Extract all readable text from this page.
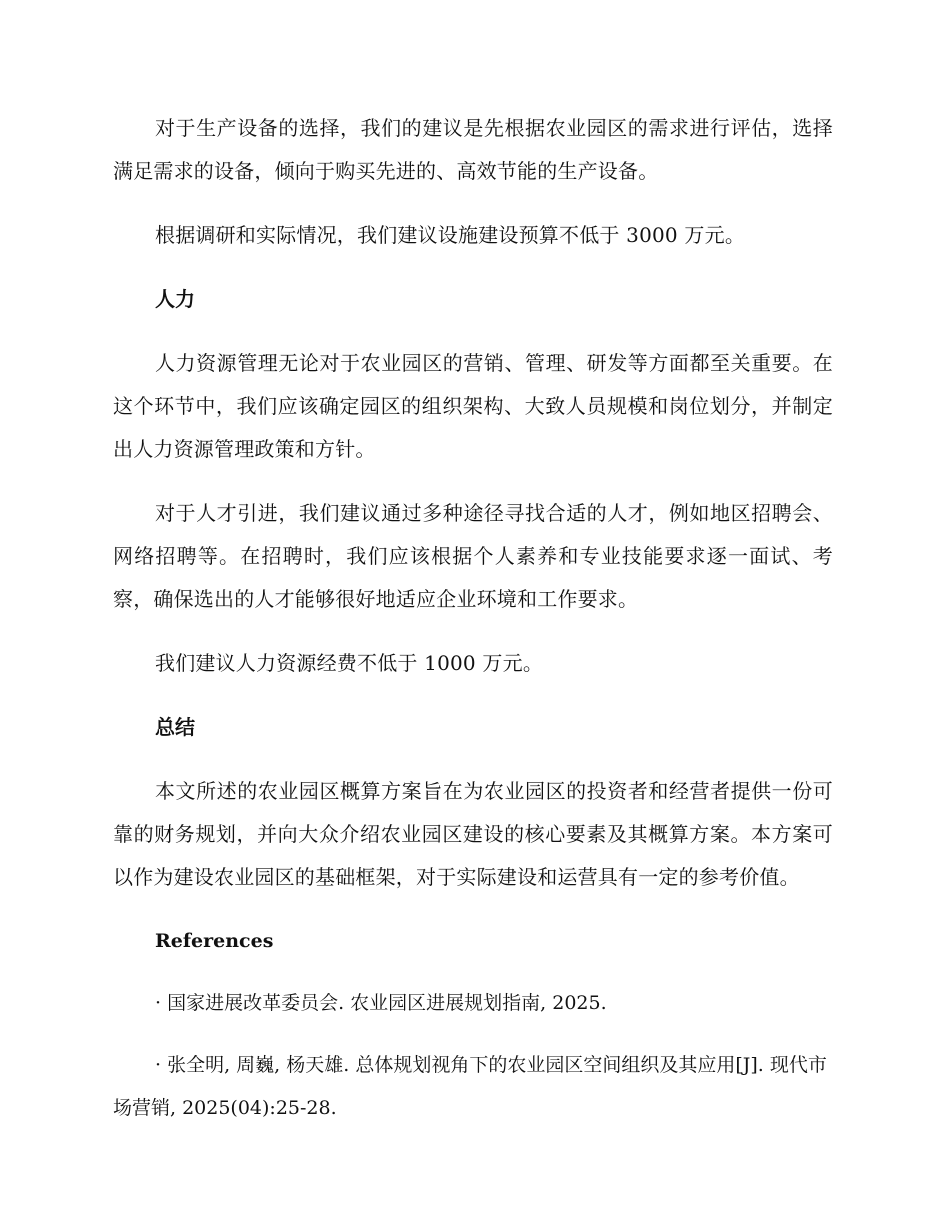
对于生产设备的选择，我们的建议是先根据农业园区的需求进行评估，选择满足需求的设备，倾向于购买先进的、高效节能的生产设备。

根据调研和实际情况，我们建议设施建设预算不低于 3000 万元。

人力

人力资源管理无论对于农业园区的营销、管理、研发等方面都至关重要。在这个环节中，我们应该确定园区的组织架构、大致人员规模和岗位划分，并制定出人力资源管理政策和方针。

对于人才引进，我们建议通过多种途径寻找合适的人才，例如地区招聘会、网络招聘等。在招聘时，我们应该根据个人素养和专业技能要求逐一面试、考察，确保选出的人才能够很好地适应企业环境和工作要求。

我们建议人力资源经费不低于 1000 万元。

总结

本文所述的农业园区概算方案旨在为农业园区的投资者和经营者提供一份可靠的财务规划，并向大众介绍农业园区建设的核心要素及其概算方案。本方案可以作为建设农业园区的基础框架，对于实际建设和运营具有一定的参考价值。

References

· 国家进展改革委员会. 农业园区进展规划指南, 2025.

· 张全明, 周巍, 杨天雄. 总体规划视角下的农业园区空间组织及其应用[J]. 现代市场营销, 2025(04):25-28.
